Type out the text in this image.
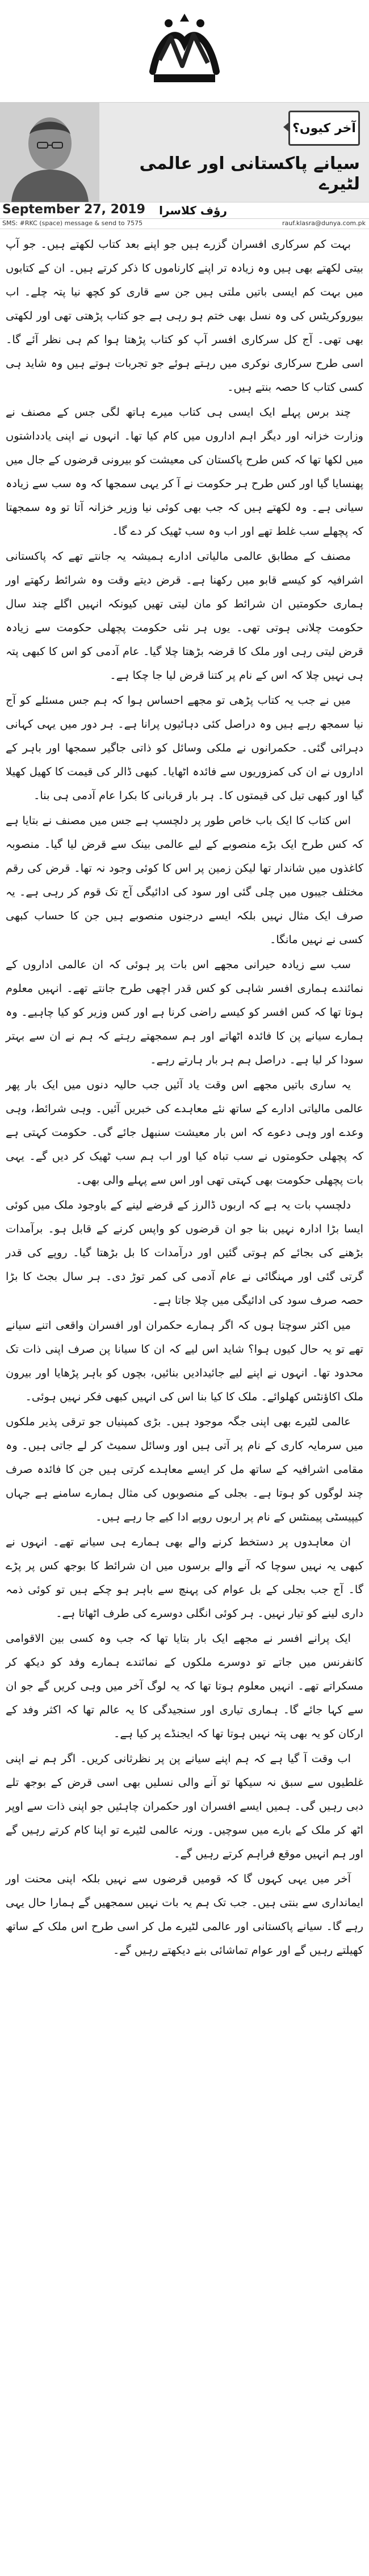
آخر کیوں؟
سیانے پاکستانی اور عالمی لٹیرے
September 27, 2019 رؤف کلاسرا
SMS: #RKC (space) message & send to 7575	rauf.klasra@dunya.com.pk

بہت کم سرکاری افسران گزرے ہیں جو اپنے بعد کتاب لکھتے ہیں۔ جو آپ بیتی لکھتے بھی ہیں وہ زیادہ تر اپنے کارناموں کا ذکر کرتے ہیں۔ ان کے کتابوں میں بہت کم ایسی باتیں ملتی ہیں جن سے قاری کو کچھ نیا پتہ چلے۔ اب بیوروکریٹس کی وہ نسل بھی ختم ہو رہی ہے جو کتاب پڑھتی تھی اور لکھتی بھی تھی۔ آج کل سرکاری افسر آپ کو کتاب پڑھتا ہوا کم ہی نظر آئے گا۔ اسی طرح سرکاری نوکری میں رہتے ہوئے جو تجربات ہوتے ہیں وہ شاید ہی کسی کتاب کا حصہ بنتے ہیں۔

چند برس پہلے ایک ایسی ہی کتاب میرے ہاتھ لگی جس کے مصنف نے وزارت خزانہ اور دیگر اہم اداروں میں کام کیا تھا۔ انہوں نے اپنی یادداشتوں میں لکھا تھا کہ کس طرح پاکستان کی معیشت کو بیرونی قرضوں کے جال میں پھنسایا گیا اور کس طرح ہر حکومت نے آ کر یہی سمجھا کہ وہ سب سے زیادہ سیانی ہے۔ وہ لکھتے ہیں کہ جب بھی کوئی نیا وزیر خزانہ آتا تو وہ سمجھتا کہ پچھلے سب غلط تھے اور اب وہ سب ٹھیک کر دے گا۔

مصنف کے مطابق عالمی مالیاتی ادارے ہمیشہ یہ جانتے تھے کہ پاکستانی اشرافیہ کو کیسے قابو میں رکھنا ہے۔ قرض دیتے وقت وہ شرائط رکھتے اور ہماری حکومتیں ان شرائط کو مان لیتی تھیں کیونکہ انہیں اگلے چند سال حکومت چلانی ہوتی تھی۔ یوں ہر نئی حکومت پچھلی حکومت سے زیادہ قرض لیتی رہی اور ملک کا قرضہ بڑھتا چلا گیا۔ عام آدمی کو اس کا کبھی پتہ ہی نہیں چلا کہ اس کے نام پر کتنا قرض لیا جا چکا ہے۔

میں نے جب یہ کتاب پڑھی تو مجھے احساس ہوا کہ ہم جس مسئلے کو آج نیا سمجھ رہے ہیں وہ دراصل کئی دہائیوں پرانا ہے۔ ہر دور میں یہی کہانی دہرائی گئی۔ حکمرانوں نے ملکی وسائل کو ذاتی جاگیر سمجھا اور باہر کے اداروں نے ان کی کمزوریوں سے فائدہ اٹھایا۔ کبھی ڈالر کی قیمت کا کھیل کھیلا گیا اور کبھی تیل کی قیمتوں کا۔ ہر بار قربانی کا بکرا عام آدمی ہی بنا۔

اس کتاب کا ایک باب خاص طور پر دلچسپ ہے جس میں مصنف نے بتایا ہے کہ کس طرح ایک بڑے منصوبے کے لیے عالمی بینک سے قرض لیا گیا۔ منصوبہ کاغذوں میں شاندار تھا لیکن زمین پر اس کا کوئی وجود نہ تھا۔ قرض کی رقم مختلف جیبوں میں چلی گئی اور سود کی ادائیگی آج تک قوم کر رہی ہے۔ یہ صرف ایک مثال نہیں بلکہ ایسے درجنوں منصوبے ہیں جن کا حساب کبھی کسی نے نہیں مانگا۔

سب سے زیادہ حیرانی مجھے اس بات پر ہوئی کہ ان عالمی اداروں کے نمائندے ہماری افسر شاہی کو کس قدر اچھی طرح جانتے تھے۔ انہیں معلوم ہوتا تھا کہ کس افسر کو کیسے راضی کرنا ہے اور کس وزیر کو کیا چاہیے۔ وہ ہمارے سیانے پن کا فائدہ اٹھاتے اور ہم سمجھتے رہتے کہ ہم نے ان سے بہتر سودا کر لیا ہے۔ دراصل ہم ہر بار ہارتے رہے۔

یہ ساری باتیں مجھے اس وقت یاد آئیں جب حالیہ دنوں میں ایک بار پھر عالمی مالیاتی ادارے کے ساتھ نئے معاہدے کی خبریں آئیں۔ وہی شرائط، وہی وعدے اور وہی دعوے کہ اس بار معیشت سنبھل جائے گی۔ حکومت کہتی ہے کہ پچھلی حکومتوں نے سب تباہ کیا اور اب ہم سب ٹھیک کر دیں گے۔ یہی بات پچھلی حکومت بھی کہتی تھی اور اس سے پہلے والی بھی۔

دلچسپ بات یہ ہے کہ اربوں ڈالرز کے قرضے لینے کے باوجود ملک میں کوئی ایسا بڑا ادارہ نہیں بنا جو ان قرضوں کو واپس کرنے کے قابل ہو۔ برآمدات بڑھنے کی بجائے کم ہوتی گئیں اور درآمدات کا بل بڑھتا گیا۔ روپے کی قدر گرتی گئی اور مہنگائی نے عام آدمی کی کمر توڑ دی۔ ہر سال بجٹ کا بڑا حصہ صرف سود کی ادائیگی میں چلا جاتا ہے۔

میں اکثر سوچتا ہوں کہ اگر ہمارے حکمران اور افسران واقعی اتنے سیانے تھے تو یہ حال کیوں ہوا؟ شاید اس لیے کہ ان کا سیانا پن صرف اپنی ذات تک محدود تھا۔ انہوں نے اپنے لیے جائیدادیں بنائیں، بچوں کو باہر پڑھایا اور بیرون ملک اکاؤنٹس کھلوائے۔ ملک کا کیا بنا اس کی انہیں کبھی فکر نہیں ہوئی۔

عالمی لٹیرے بھی اپنی جگہ موجود ہیں۔ بڑی کمپنیاں جو ترقی پذیر ملکوں میں سرمایہ کاری کے نام پر آتی ہیں اور وسائل سمیٹ کر لے جاتی ہیں۔ وہ مقامی اشرافیہ کے ساتھ مل کر ایسے معاہدے کرتی ہیں جن کا فائدہ صرف چند لوگوں کو ہوتا ہے۔ بجلی کے منصوبوں کی مثال ہمارے سامنے ہے جہاں کیپیسٹی پیمنٹس کے نام پر اربوں روپے ادا کیے جا رہے ہیں۔

ان معاہدوں پر دستخط کرنے والے بھی ہمارے ہی سیانے تھے۔ انہوں نے کبھی یہ نہیں سوچا کہ آنے والے برسوں میں ان شرائط کا بوجھ کس پر پڑے گا۔ آج جب بجلی کے بل عوام کی پہنچ سے باہر ہو چکے ہیں تو کوئی ذمہ داری لینے کو تیار نہیں۔ ہر کوئی انگلی دوسرے کی طرف اٹھاتا ہے۔

ایک پرانے افسر نے مجھے ایک بار بتایا تھا کہ جب وہ کسی بین الاقوامی کانفرنس میں جاتے تو دوسرے ملکوں کے نمائندے ہمارے وفد کو دیکھ کر مسکراتے تھے۔ انہیں معلوم ہوتا تھا کہ یہ لوگ آخر میں وہی کریں گے جو ان سے کہا جائے گا۔ ہماری تیاری اور سنجیدگی کا یہ عالم تھا کہ اکثر وفد کے ارکان کو یہ بھی پتہ نہیں ہوتا تھا کہ ایجنڈے پر کیا ہے۔

اب وقت آ گیا ہے کہ ہم اپنے سیانے پن پر نظرثانی کریں۔ اگر ہم نے اپنی غلطیوں سے سبق نہ سیکھا تو آنے والی نسلیں بھی اسی قرض کے بوجھ تلے دبی رہیں گی۔ ہمیں ایسے افسران اور حکمران چاہئیں جو اپنی ذات سے اوپر اٹھ کر ملک کے بارے میں سوچیں۔ ورنہ عالمی لٹیرے تو اپنا کام کرتے رہیں گے اور ہم انہیں موقع فراہم کرتے رہیں گے۔

آخر میں یہی کہوں گا کہ قومیں قرضوں سے نہیں بلکہ اپنی محنت اور ایمانداری سے بنتی ہیں۔ جب تک ہم یہ بات نہیں سمجھیں گے ہمارا حال یہی رہے گا۔ سیانے پاکستانی اور عالمی لٹیرے مل کر اسی طرح اس ملک کے ساتھ کھیلتے رہیں گے اور عوام تماشائی بنے دیکھتے رہیں گے۔
